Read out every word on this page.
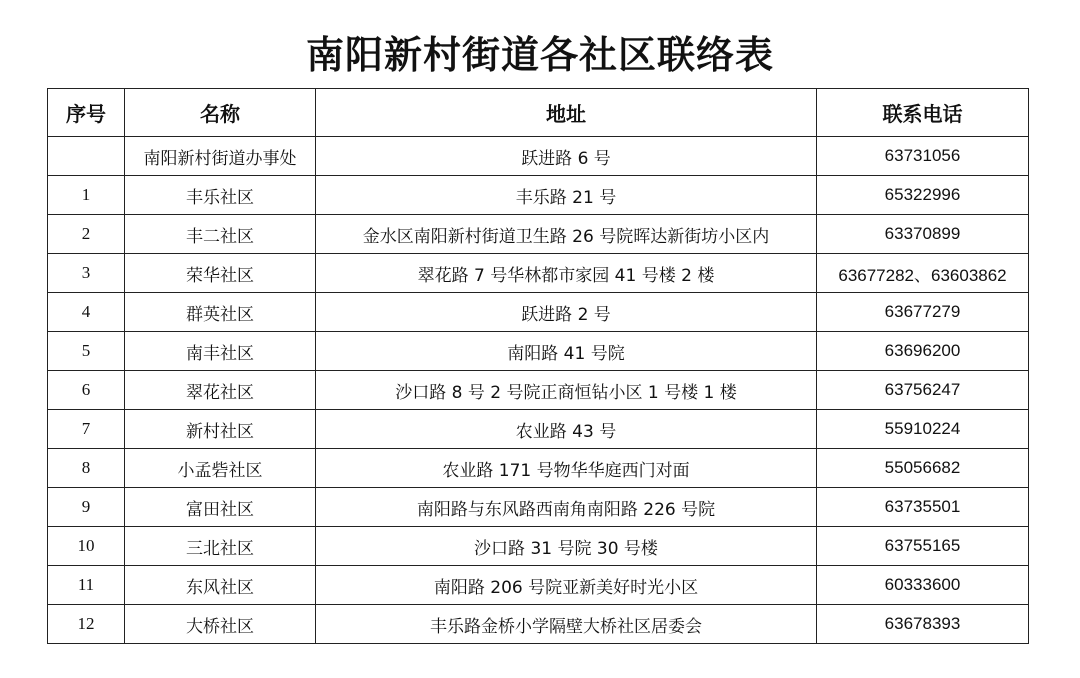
南阳新村街道各社区联络表
序号	名称	地址	联系电话
	南阳新村街道办事处	跃进路 6 号	63731056
1	丰乐社区	丰乐路 21 号	65322996
2	丰二社区	金水区南阳新村街道卫生路 26 号院晖达新街坊小区内	63370899
3	荣华社区	翠花路 7 号华林都市家园 41 号楼 2 楼	63677282、63603862
4	群英社区	跃进路 2 号	63677279
5	南丰社区	南阳路 41 号院	63696200
6	翠花社区	沙口路 8 号 2 号院正商恒钻小区 1 号楼 1 楼	63756247
7	新村社区	农业路 43 号	55910224
8	小孟砦社区	农业路 171 号物华华庭西门对面	55056682
9	富田社区	南阳路与东风路西南角南阳路 226 号院	63735501
10	三北社区	沙口路 31 号院 30 号楼	63755165
11	东风社区	南阳路 206 号院亚新美好时光小区	60333600
12	大桥社区	丰乐路金桥小学隔壁大桥社区居委会	63678393
